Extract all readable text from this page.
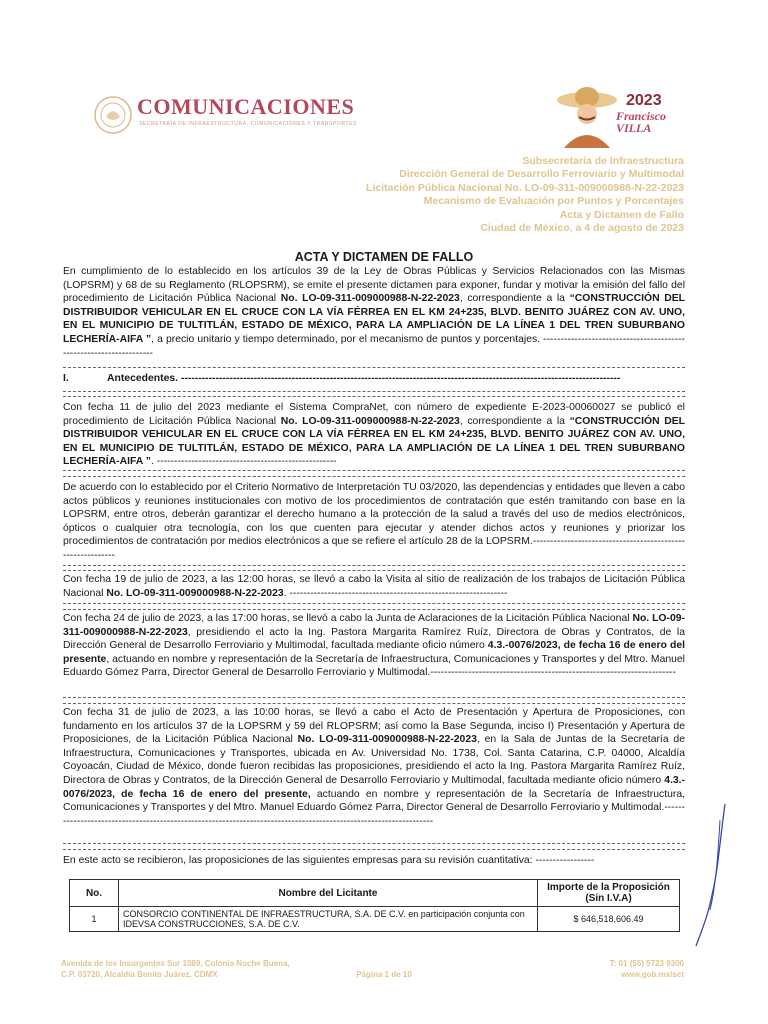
COMUNICACIONES
SECRETARÍA DE INFRAESTRUCTURA, COMUNICACIONES Y TRANSPORTES
2023
Francisco VILLA
Subsecretaría de Infraestructura
Dirección General de Desarrollo Ferroviario y Multimodal
Licitación Pública Nacional No. LO-09-311-009000988-N-22-2023
Mecanismo de Evaluación por Puntos y Porcentajes
Acta y Dictamen de Fallo
Ciudad de México, a 4 de agosto de 2023
ACTA Y DICTAMEN DE FALLO
En cumplimiento de lo establecido en los artículos 39 de la Ley de Obras Públicas y Servicios Relacionados con las Mismas (LOPSRM) y 68 de su Reglamento (RLOPSRM), se emite el presente dictamen para exponer, fundar y motivar la emisión del fallo del procedimiento de Licitación Pública Nacional No. LO-09-311-009000988-N-22-2023, correspondiente a la “CONSTRUCCIÓN DEL DISTRIBUIDOR VEHICULAR EN EL CRUCE CON LA VÍA FÉRREA EN EL KM 24+235, BLVD. BENITO JUÁREZ CON AV. UNO, EN EL MUNICIPIO DE TULTITLÁN, ESTADO DE MÉXICO, PARA LA AMPLIACIÓN DE LA LÍNEA 1 DEL TREN SUBURBANO LECHERÍA-AIFA ”, a precio unitario y tiempo determinado, por el mecanismo de puntos y porcentajes. -------------------------------------------------------------------
I.	Antecedentes. -------------------------------------------------------------------------------------------------------------------------------
Con fecha 11 de julio del 2023 mediante el Sistema CompraNet, con número de expediente E-2023-00060027 se publicó el procedimiento de Licitación Pública Nacional No. LO-09-311-009000988-N-22-2023, correspondiente a la “CONSTRUCCIÓN DEL DISTRIBUIDOR VEHICULAR EN EL CRUCE CON LA VÍA FÉRREA EN EL KM 24+235, BLVD. BENITO JUÁREZ CON AV. UNO, EN EL MUNICIPIO DE TULTITLÁN, ESTADO DE MÉXICO, PARA LA AMPLIACIÓN DE LA LÍNEA 1 DEL TREN SUBURBANO LECHERÍA-AIFA ”. ----------------------------------------------------
De acuerdo con lo establecido por el Criterio Normativo de Interpretación TU 03/2020, las dependencias y entidades que lleven a cabo actos públicos y reuniones institucionales con motivo de los procedimientos de contratación que estén tramitando con base en la LOPSRM, entre otros, deberán garantizar el derecho humano a la protección de la salud a través del uso de medios electrónicos, ópticos o cualquier otra tecnología, con los que cuenten para ejecutar y atender dichos actos y reuniones y priorizar los procedimientos de contratación por medios electrónicos a que se refiere el artículo 28 de la LOPSRM.-----------------------------------------------------------
Con fecha 19 de julio de 2023, a las 12:00 horas, se llevó a cabo la Visita al sitio de realización de los trabajos de Licitación Pública Nacional No. LO-09-311-009000988-N-22-2023. ---------------------------------------------------------------
Con fecha 24 de julio de 2023, a las 17:00 horas, se llevó a cabo la Junta de Aclaraciones de la Licitación Pública Nacional No. LO-09-311-009000988-N-22-2023, presidiendo el acto la Ing. Pastora Margarita Ramírez Ruíz, Directora de Obras y Contratos, de la Dirección General de Desarrollo Ferroviario y Multimodal, facultada mediante oficio número 4.3.-0076/2023, de fecha 16 de enero del presente, actuando en nombre y representación de la Secretaría de Infraestructura, Comunicaciones y Transportes y del Mtro. Manuel Eduardo Gómez Parra, Director General de Desarrollo Ferroviario y Multimodal.-----------------------------------------------------------------------
Con fecha 31 de julio de 2023, a las 10:00 horas, se llevó a cabo el Acto de Presentación y Apertura de Proposiciones, con fundamento en los artículos 37 de la LOPSRM y 59 del RLOPSRM; así como la Base Segunda, inciso I) Presentación y Apertura de Proposiciones, de la Licitación Pública Nacional No. LO-09-311-009000988-N-22-2023, en la Sala de Juntas de la Secretaría de Infraestructura, Comunicaciones y Transportes, ubicada en Av. Universidad No. 1738, Col. Santa Catarina, C.P. 04000, Alcaldía Coyoacán, Ciudad de México, donde fueron recibidas las proposiciones, presidiendo el acto la Ing. Pastora Margarita Ramírez Ruíz, Directora de Obras y Contratos, de la Dirección General de Desarrollo Ferroviario y Multimodal, facultada mediante oficio número 4.3.- 0076/2023, de fecha 16 de enero del presente, actuando en nombre y representación de la Secretaría de Infraestructura, Comunicaciones y Transportes y del Mtro. Manuel Eduardo Gómez Parra, Director General de Desarrollo Ferroviario y Multimodal.-----------------------------------------------------------------------------------------------------------------
En este acto se recibieron, las proposiciones de las siguientes empresas para su revisión cuantitativa: -----------------
No.	Nombre del Licitante	Importe de la Proposición (Sin I.V.A)
1	CONSORCIO CONTINENTAL DE INFRAESTRUCTURA, S.A. DE C.V. en participación conjunta con IDEVSA CONSTRUCCIONES, S.A. DE C.V.	$ 646,518,606.49
Avenida de los Insurgentes Sur 1089, Colonia Noche Buena,
C.P. 03720, Alcaldía Benito Juárez, CDMX	Página 1 de 10
T: 01 (55) 5723 9300
www.gob.mx/sct
